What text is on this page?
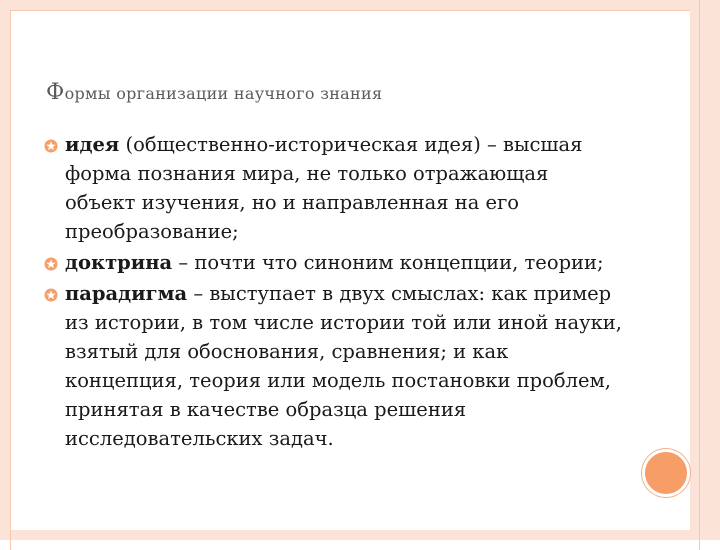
Формы организации научного знания
идея (общественно-историческая идея) – высшая форма познания мира, не только отражающая объект изучения, но и направленная на его преобразование;
доктрина – почти что синоним концепции, теории;
парадигма – выступает в двух смыслах: как пример из истории, в том числе истории той или иной науки, взятый для обоснования, сравнения; и как концепция, теория или модель постановки проблем, принятая в качестве образца решения исследовательских задач.
